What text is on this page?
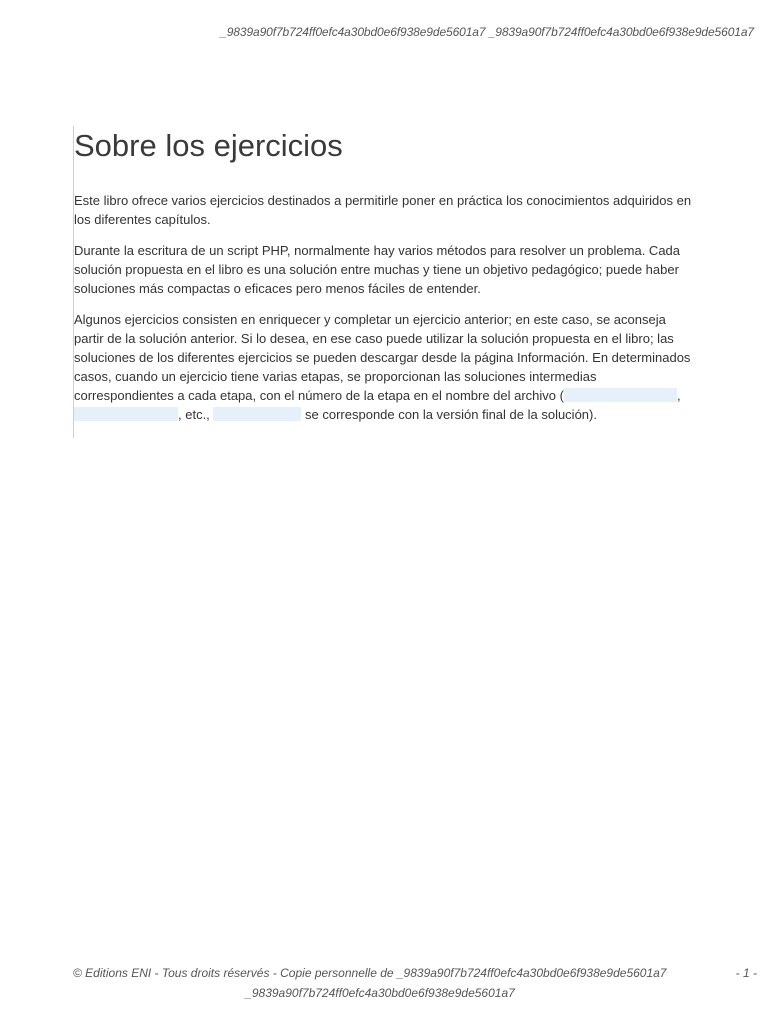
_9839a90f7b724ff0efc4a30bd0e6f938e9de5601a7 _9839a90f7b724ff0efc4a30bd0e6f938e9de5601a7
Sobre los ejercicios

Este libro ofrece varios ejercicios destinados a permitirle poner en práctica los conocimientos adquiridos en los diferentes capítulos.

Durante la escritura de un script PHP, normalmente hay varios métodos para resolver un problema. Cada solución propuesta en el libro es una solución entre muchas y tiene un objetivo pedagógico; puede haber soluciones más compactas o eficaces pero menos fáciles de entender.

Algunos ejercicios consisten en enriquecer y completar un ejercicio anterior; en este caso, se aconseja partir de la solución anterior. Si lo desea, en ese caso puede utilizar la solución propuesta en el libro; las soluciones de los diferentes ejercicios se pueden descargar desde la página Información. En determinados casos, cuando un ejercicio tiene varias etapas, se proporcionan las soluciones intermedias correspondientes a cada etapa, con el número de la etapa en el nombre del archivo (	, , etc.,	se corresponde con la versión final de la solución).

© Editions ENI - Tous droits réservés - Copie personnelle de _9839a90f7b724ff0efc4a30bd0e6f938e9de5601a7	- 1 -
_9839a90f7b724ff0efc4a30bd0e6f938e9de5601a7
